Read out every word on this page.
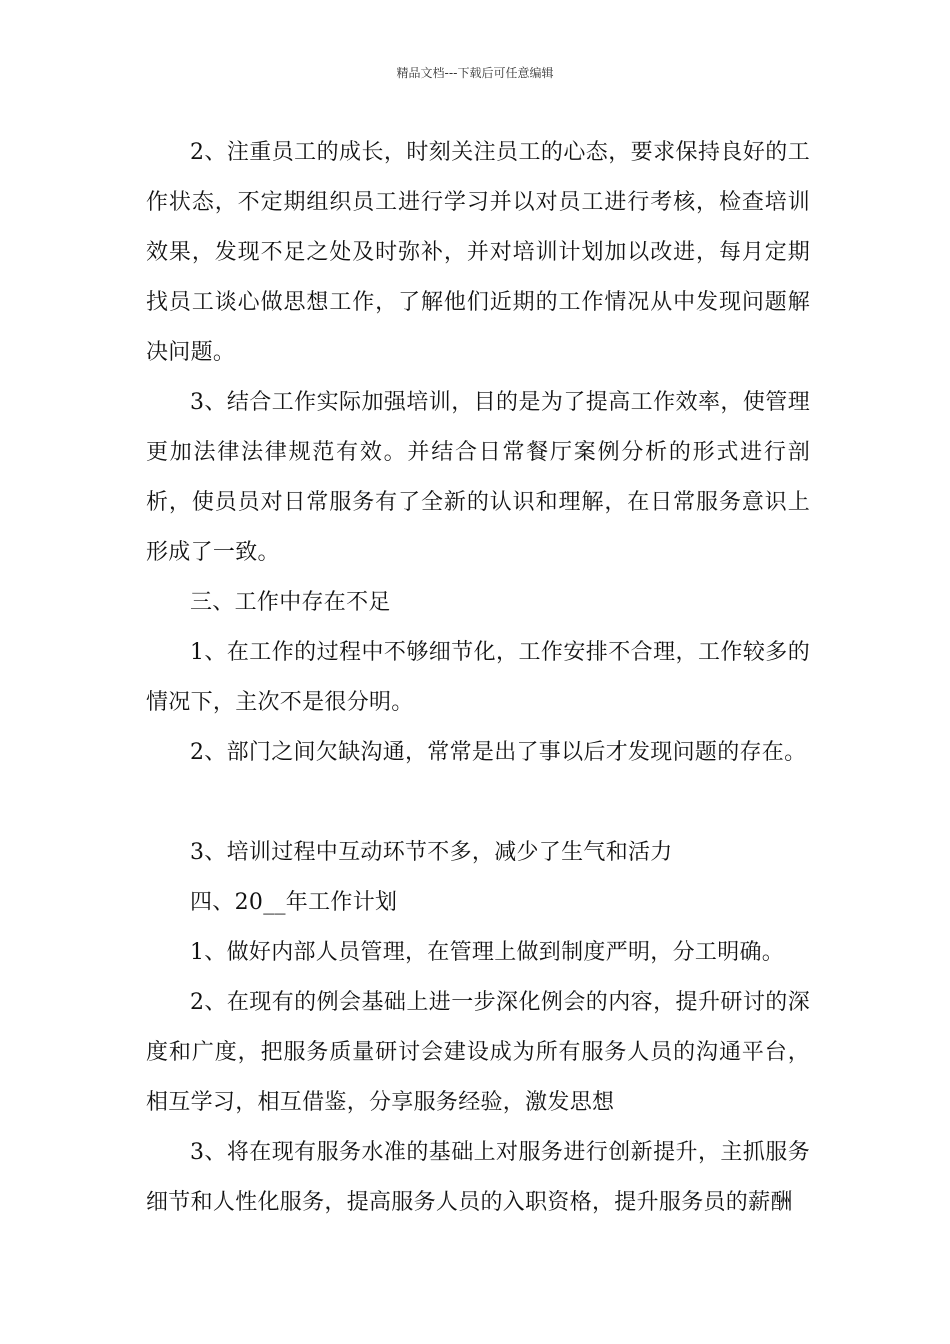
精品文档---下载后可任意编辑

2、注重员工的成长，时刻关注员工的心态，要求保持良好的工作状态，不定期组织员工进行学习并以对员工进行考核，检查培训效果，发现不足之处及时弥补，并对培训计划加以改进，每月定期找员工谈心做思想工作，了解他们近期的工作情况从中发现问题解决问题。

3、结合工作实际加强培训，目的是为了提高工作效率，使管理更加法律法律规范有效。并结合日常餐厅案例分析的形式进行剖析，使员员对日常服务有了全新的认识和理解，在日常服务意识上形成了一致。

三、工作中存在不足

1、在工作的过程中不够细节化，工作安排不合理，工作较多的情况下，主次不是很分明。

2、部门之间欠缺沟通，常常是出了事以后才发现问题的存在。

3、培训过程中互动环节不多，减少了生气和活力

四、20__年工作计划

1、做好内部人员管理，在管理上做到制度严明，分工明确。

2、在现有的例会基础上进一步深化例会的内容，提升研讨的深度和广度，把服务质量研讨会建设成为所有服务人员的沟通平台，相互学习，相互借鉴，分享服务经验，激发思想

3、将在现有服务水准的基础上对服务进行创新提升，主抓服务细节和人性化服务，提高服务人员的入职资格，提升服务员的薪酬
